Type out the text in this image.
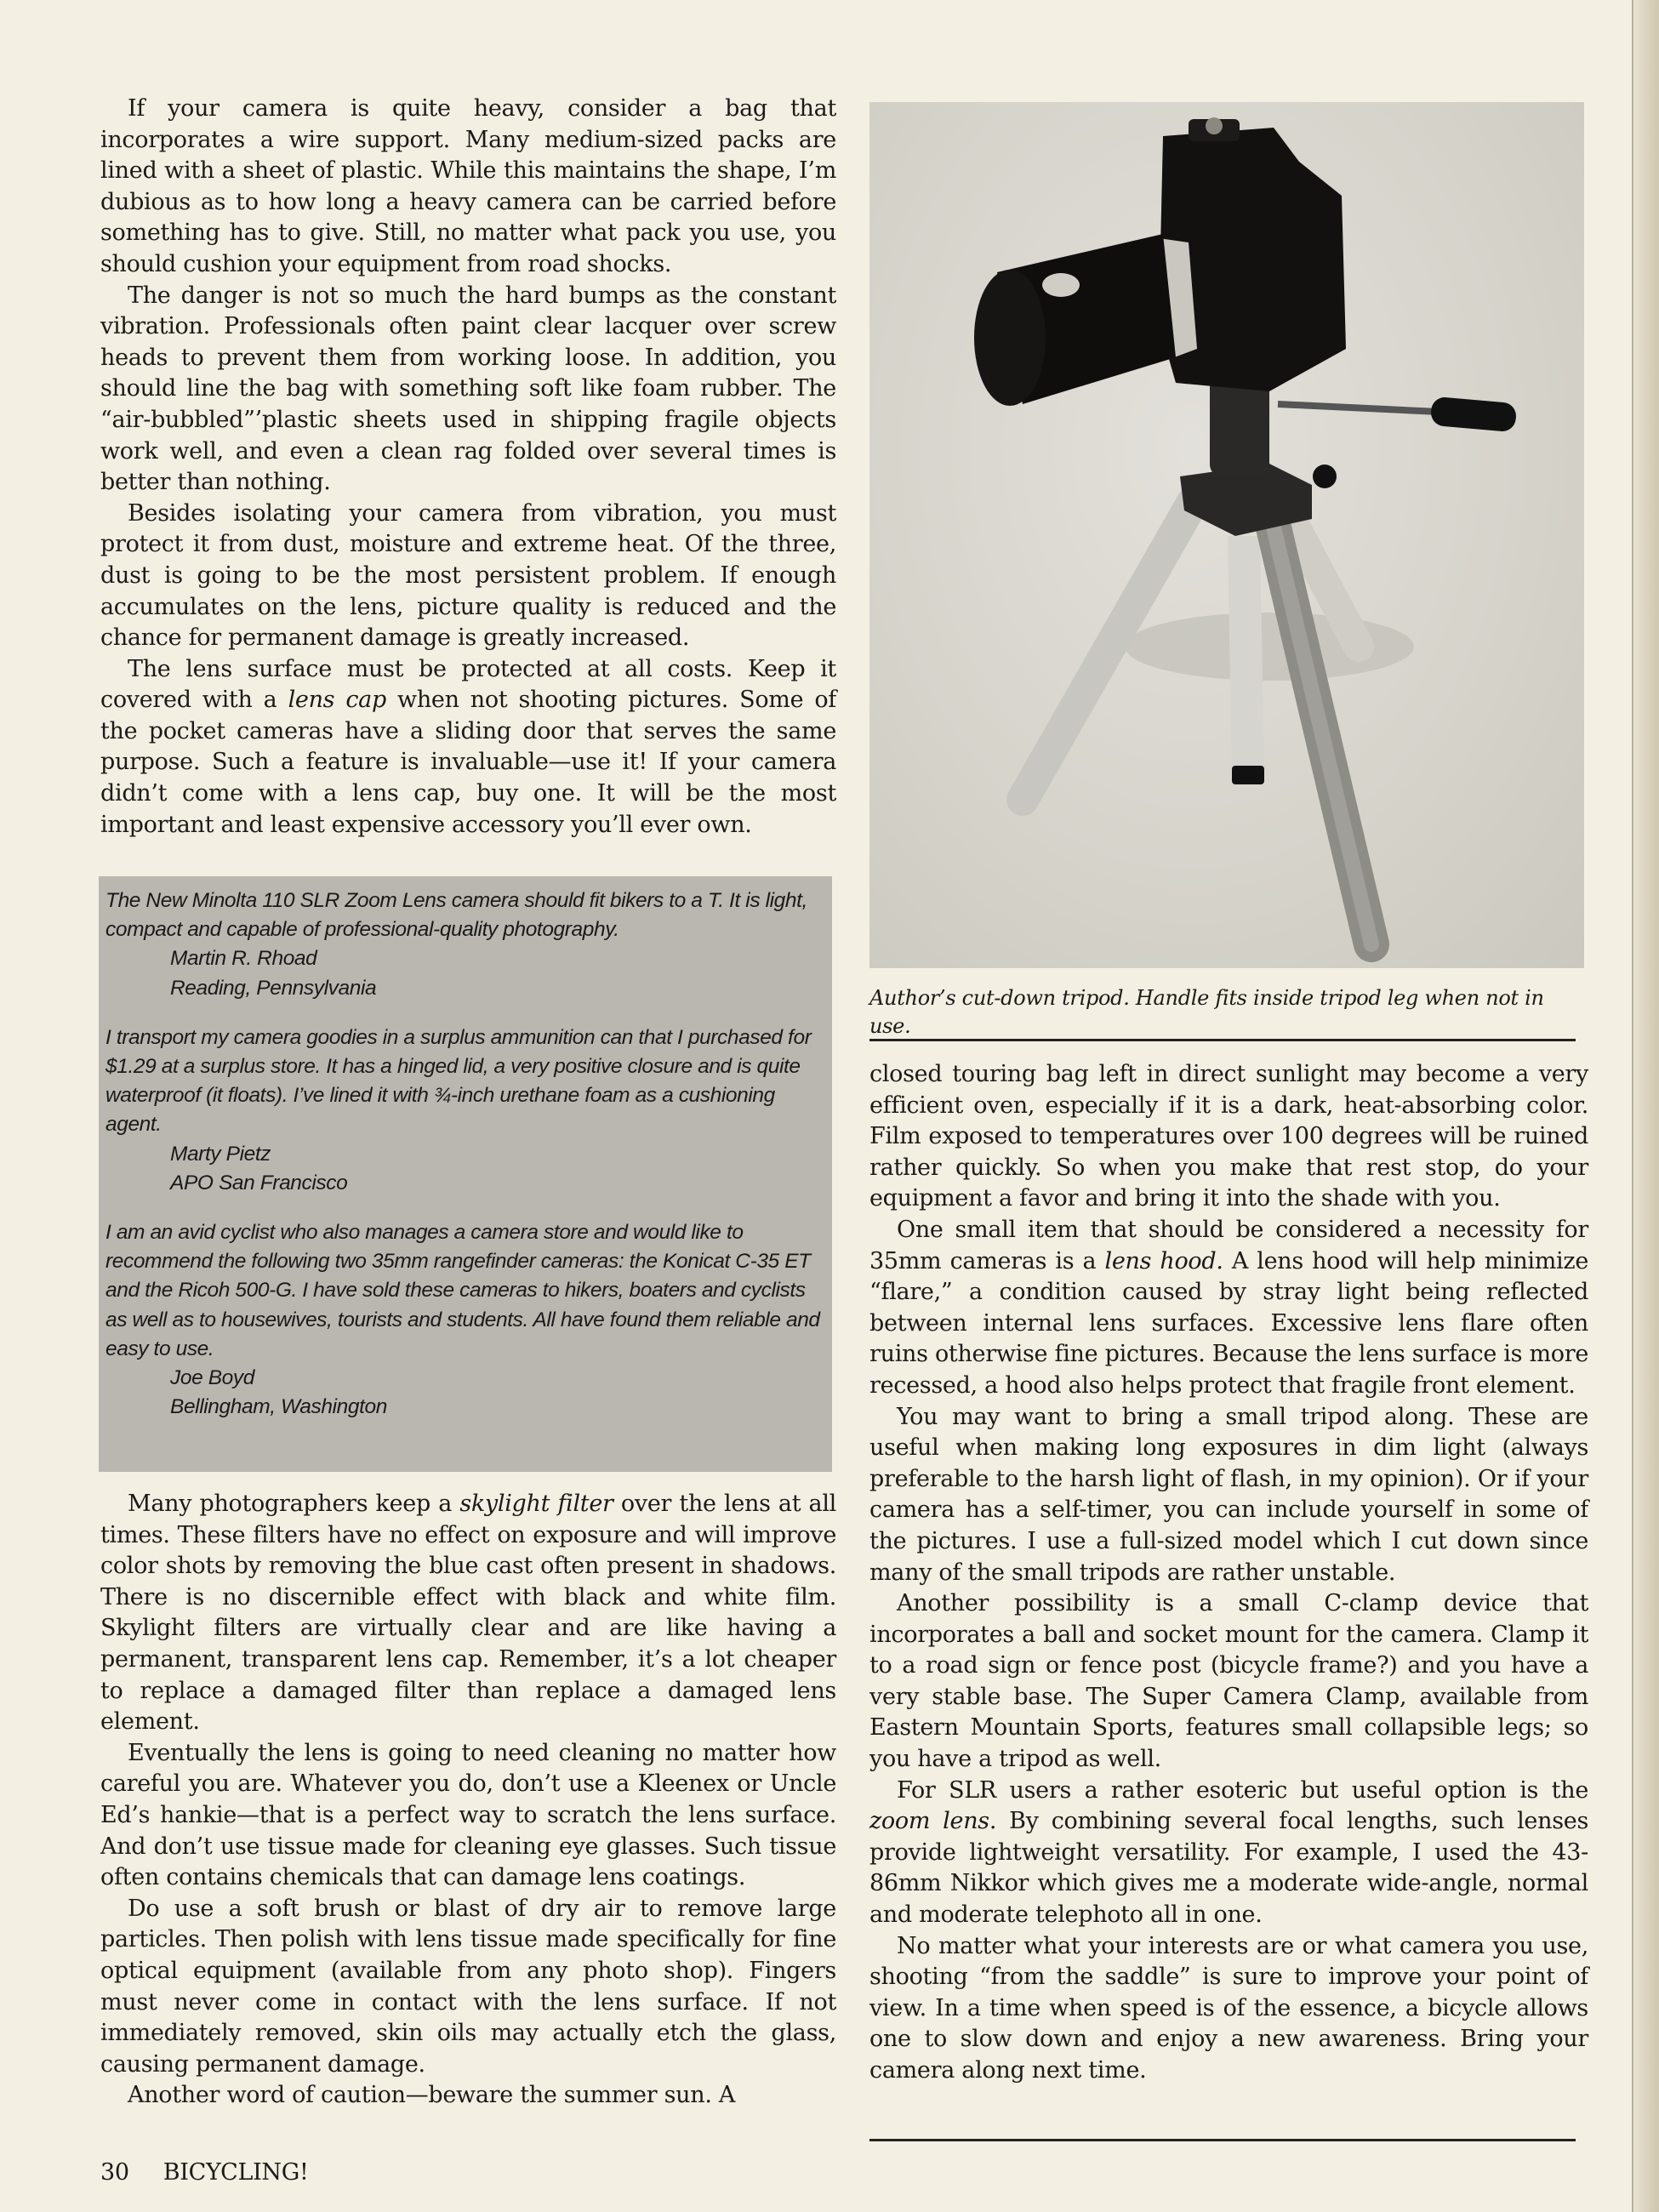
If your camera is quite heavy, consider a bag that incorporates a wire support. Many medium-sized packs are lined with a sheet of plastic. While this maintains the shape, I’m dubious as to how long a heavy camera can be carried before something has to give. Still, no matter what pack you use, you should cushion your equipment from road shocks.

The danger is not so much the hard bumps as the constant vibration. Professionals often paint clear lacquer over screw heads to prevent them from working loose. In addition, you should line the bag with something soft like foam rubber. The “air-bubbled”’plastic sheets used in shipping fragile objects work well, and even a clean rag folded over several times is better than nothing.

Besides isolating your camera from vibration, you must protect it from dust, moisture and extreme heat. Of the three, dust is going to be the most persistent problem. If enough accumulates on the lens, picture quality is reduced and the chance for permanent damage is greatly increased.

The lens surface must be protected at all costs. Keep it covered with a lens cap when not shooting pictures. Some of the pocket cameras have a sliding door that serves the same purpose. Such a feature is invaluable—use it! If your camera didn’t come with a lens cap, buy one. It will be the most important and least expensive accessory you’ll ever own.

The New Minolta 110 SLR Zoom Lens camera should fit bikers to a T. It is light, compact and capable of professional-quality photography.
Martin R. Rhoad
Reading, Pennsylvania
I transport my camera goodies in a surplus ammunition can that I purchased for $1.29 at a surplus store. It has a hinged lid, a very positive closure and is quite waterproof (it floats). I’ve lined it with ¾-inch urethane foam as a cushioning agent.
Marty Pietz
APO San Francisco
I am an avid cyclist who also manages a camera store and would like to recommend the following two 35mm rangefinder cameras: the Konicat C-35 ET and the Ricoh 500-G. I have sold these cameras to hikers, boaters and cyclists as well as to housewives, tourists and students. All have found them reliable and easy to use.
Joe Boyd
Bellingham, Washington

Many photographers keep a skylight filter over the lens at all times. These filters have no effect on exposure and will improve color shots by removing the blue cast often present in shadows. There is no discernible effect with black and white film. Skylight filters are virtually clear and are like having a permanent, transparent lens cap. Remember, it’s a lot cheaper to replace a damaged filter than replace a damaged lens element.

Eventually the lens is going to need cleaning no matter how careful you are. Whatever you do, don’t use a Kleenex or Uncle Ed’s hankie—that is a perfect way to scratch the lens surface. And don’t use tissue made for cleaning eye glasses. Such tissue often contains chemicals that can damage lens coatings.

Do use a soft brush or blast of dry air to remove large particles. Then polish with lens tissue made specifically for fine optical equipment (available from any photo shop). Fingers must never come in contact with the lens surface. If not immediately removed, skin oils may actually etch the glass, causing permanent damage.

Another word of caution—beware the summer sun. A

Author’s cut-down tripod. Handle fits inside tripod leg when not in use.

closed touring bag left in direct sunlight may become a very efficient oven, especially if it is a dark, heat-absorbing color. Film exposed to temperatures over 100 degrees will be ruined rather quickly. So when you make that rest stop, do your equipment a favor and bring it into the shade with you.

One small item that should be considered a necessity for 35mm cameras is a lens hood. A lens hood will help minimize “flare,” a condition caused by stray light being reflected between internal lens surfaces. Excessive lens flare often ruins otherwise fine pictures. Because the lens surface is more recessed, a hood also helps protect that fragile front element.

You may want to bring a small tripod along. These are useful when making long exposures in dim light (always preferable to the harsh light of flash, in my opinion). Or if your camera has a self-timer, you can include yourself in some of the pictures. I use a full-sized model which I cut down since many of the small tripods are rather unstable.

Another possibility is a small C-clamp device that incorporates a ball and socket mount for the camera. Clamp it to a road sign or fence post (bicycle frame?) and you have a very stable base. The Super Camera Clamp, available from Eastern Mountain Sports, features small collapsible legs; so you have a tripod as well.

For SLR users a rather esoteric but useful option is the zoom lens. By combining several focal lengths, such lenses provide lightweight versatility. For example, I used the 43-86mm Nikkor which gives me a moderate wide-angle, normal and moderate telephoto all in one.

No matter what your interests are or what camera you use, shooting “from the saddle” is sure to improve your point of view. In a time when speed is of the essence, a bicycle allows one to slow down and enjoy a new awareness. Bring your camera along next time.

30 BICYCLING!
